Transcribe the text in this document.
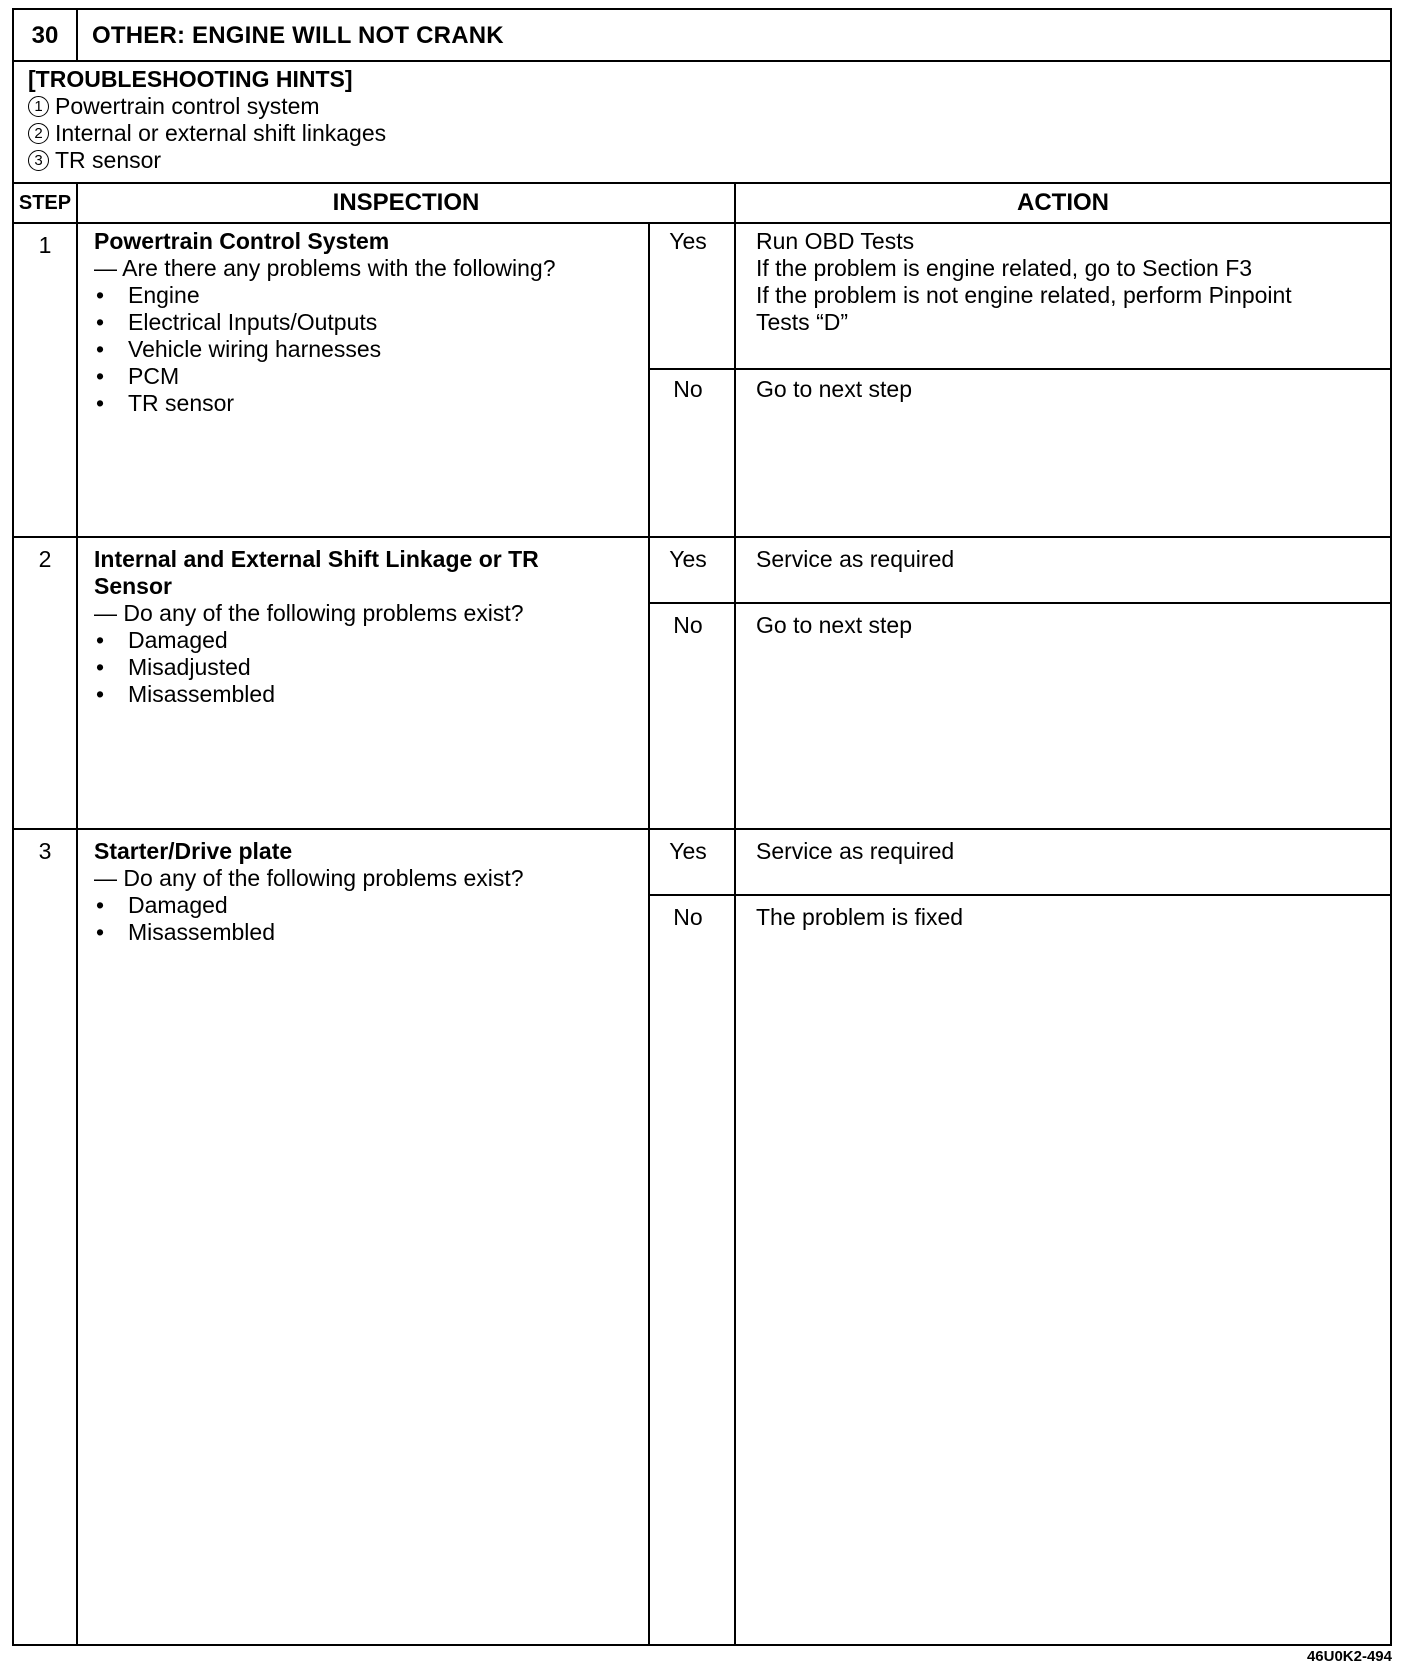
30	OTHER: ENGINE WILL NOT CRANK
[TROUBLESHOOTING HINTS]
1 Powertrain control system
2 Internal or external shift linkages
3 TR sensor
STEP	INSPECTION	ACTION
1	Powertrain Control System
— Are there any problems with the following?
•	Engine
•	Electrical Inputs/Outputs
•	Vehicle wiring harnesses
•	PCM
•	TR sensor
Yes	Run OBD Tests
If the problem is engine related, go to Section F3
If the problem is not engine related, perform Pinpoint
Tests “D”
No	Go to next step
2	Internal and External Shift Linkage or TR
Sensor
— Do any of the following problems exist?
•	Damaged
•	Misadjusted
•	Misassembled
Yes	Service as required
No	Go to next step
3	Starter/Drive plate
— Do any of the following problems exist?
•	Damaged
•	Misassembled
Yes	Service as required
No	The problem is fixed
46U0K2-494
